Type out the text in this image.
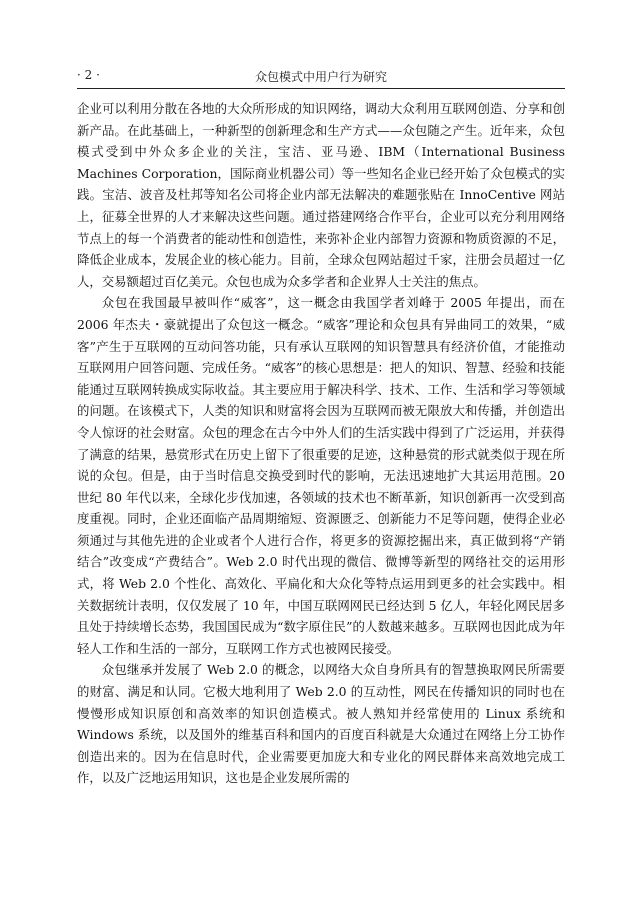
· 2 ·	众包模式中用户行为研究

企业可以利用分散在各地的大众所形成的知识网络，调动大众利用互联网创造、分享和创新产品。在此基础上，一种新型的创新理念和生产方式——众包随之产生。近年来，众包模式受到中外众多企业的关注，宝洁、亚马逊、IBM（International Business Machines Corporation，国际商业机器公司）等一些知名企业已经开始了众包模式的实践。宝洁、波音及杜邦等知名公司将企业内部无法解决的难题张贴在 InnoCentive 网站上，征募全世界的人才来解决这些问题。通过搭建网络合作平台，企业可以充分利用网络节点上的每一个消费者的能动性和创造性，来弥补企业内部智力资源和物质资源的不足，降低企业成本，发展企业的核心能力。目前，全球众包网站超过千家，注册会员超过一亿人，交易额超过百亿美元。众包也成为众多学者和企业界人士关注的焦点。

众包在我国最早被叫作“威客”，这一概念由我国学者刘峰于 2005 年提出，而在 2006 年杰夫・豪就提出了众包这一概念。“威客”理论和众包具有异曲同工的效果，“威客”产生于互联网的互动问答功能，只有承认互联网的知识智慧具有经济价值，才能推动互联网用户回答问题、完成任务。“威客”的核心思想是：把人的知识、智慧、经验和技能能通过互联网转换成实际收益。其主要应用于解决科学、技术、工作、生活和学习等领域的问题。在该模式下，人类的知识和财富将会因为互联网而被无限放大和传播，并创造出令人惊讶的社会财富。众包的理念在古今中外人们的生活实践中得到了广泛运用，并获得了满意的结果，悬赏形式在历史上留下了很重要的足迹，这种悬赏的形式就类似于现在所说的众包。但是，由于当时信息交换受到时代的影响，无法迅速地扩大其运用范围。20 世纪 80 年代以来，全球化步伐加速，各领域的技术也不断革新，知识创新再一次受到高度重视。同时，企业还面临产品周期缩短、资源匮乏、创新能力不足等问题，使得企业必须通过与其他先进的企业或者个人进行合作，将更多的资源挖掘出来，真正做到将“产销结合”改变成“产费结合”。Web 2.0 时代出现的微信、微博等新型的网络社交的运用形式，将 Web 2.0 个性化、高效化、平扁化和大众化等特点运用到更多的社会实践中。相关数据统计表明，仅仅发展了 10 年，中国互联网网民已经达到 5 亿人，年轻化网民居多且处于持续增长态势，我国国民成为“数字原住民”的人数越来越多。互联网也因此成为年轻人工作和生活的一部分，互联网工作方式也被网民接受。

众包继承并发展了 Web 2.0 的概念，以网络大众自身所具有的智慧换取网民所需要的财富、满足和认同。它极大地利用了 Web 2.0 的互动性，网民在传播知识的同时也在慢慢形成知识原创和高效率的知识创造模式。被人熟知并经常使用的 Linux 系统和 Windows 系统，以及国外的维基百科和国内的百度百科就是大众通过在网络上分工协作创造出来的。因为在信息时代，企业需要更加庞大和专业化的网民群体来高效地完成工作，以及广泛地运用知识，这也是企业发展所需的
